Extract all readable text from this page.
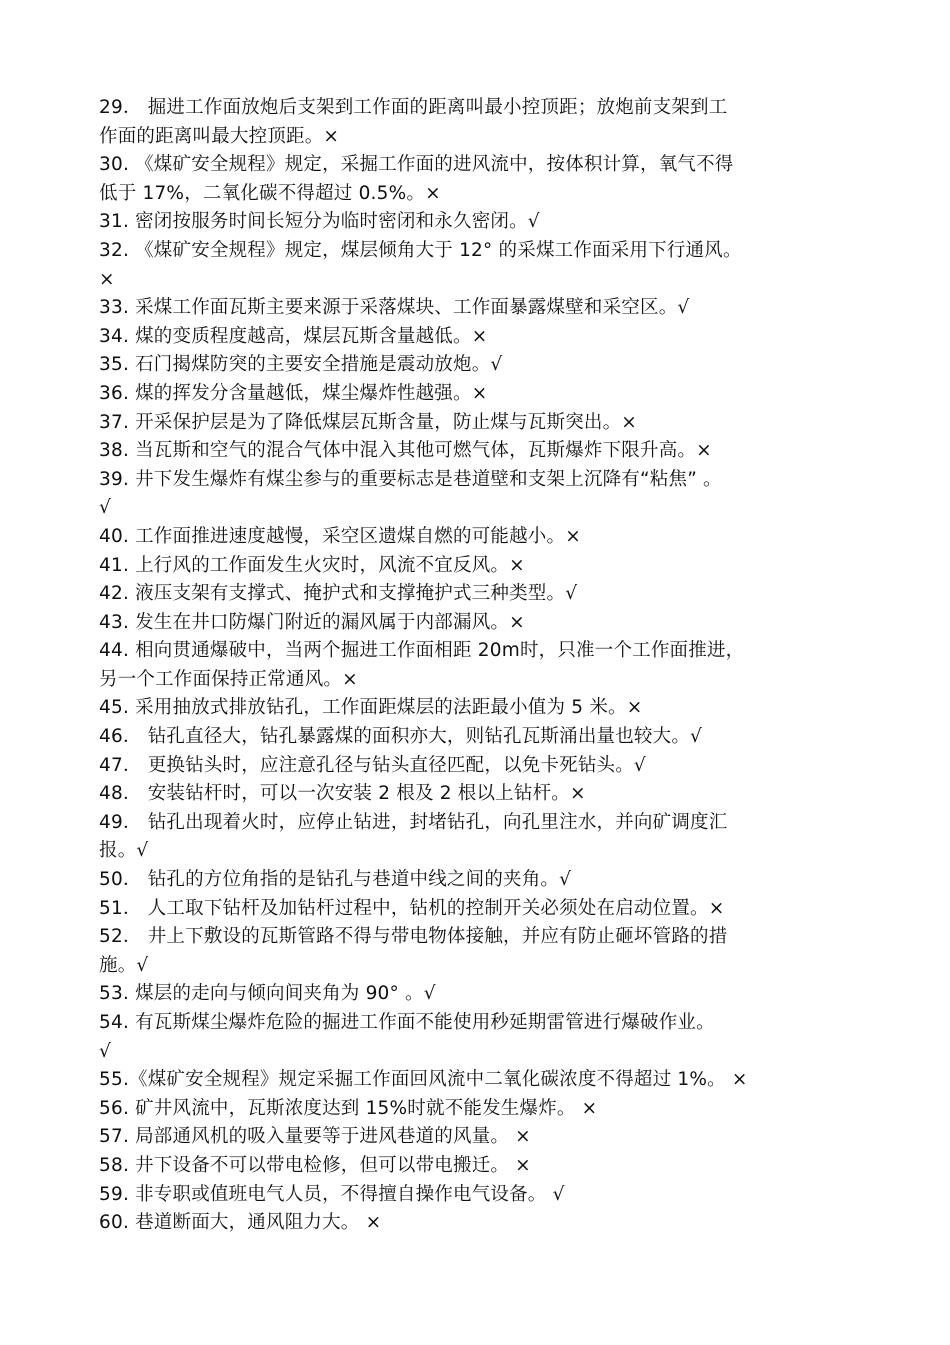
29． 掘进工作面放炮后支架到工作面的距离叫最小控顶距；放炮前支架到工
作面的距离叫最大控顶距。×
30. 《煤矿安全规程》规定，采掘工作面的进风流中，按体积计算，氧气不得
低于 17%，二氧化碳不得超过 0.5%。×
31. 密闭按服务时间长短分为临时密闭和永久密闭。√
32. 《煤矿安全规程》规定，煤层倾角大于 12° 的采煤工作面采用下行通风。
×
33. 采煤工作面瓦斯主要来源于采落煤块、工作面暴露煤壁和采空区。√
34. 煤的变质程度越高，煤层瓦斯含量越低。×
35. 石门揭煤防突的主要安全措施是震动放炮。√
36. 煤的挥发分含量越低，煤尘爆炸性越强。×
37. 开采保护层是为了降低煤层瓦斯含量，防止煤与瓦斯突出。×
38. 当瓦斯和空气的混合气体中混入其他可燃气体，瓦斯爆炸下限升高。×
39. 井下发生爆炸有煤尘参与的重要标志是巷道壁和支架上沉降有“粘焦” 。
√
40. 工作面推进速度越慢，采空区遗煤自燃的可能越小。×
41. 上行风的工作面发生火灾时，风流不宜反风。×
42. 液压支架有支撑式、掩护式和支撑掩护式三种类型。√
43. 发生在井口防爆门附近的漏风属于内部漏风。×
44. 相向贯通爆破中，当两个掘进工作面相距 20m时，只准一个工作面推进，
另一个工作面保持正常通风。×
45. 采用抽放式排放钻孔，工作面距煤层的法距最小值为 5 米。×
46． 钻孔直径大，钻孔暴露煤的面积亦大，则钻孔瓦斯涌出量也较大。√
47． 更换钻头时，应注意孔径与钻头直径匹配，以免卡死钻头。√
48． 安装钻杆时，可以一次安装 2 根及 2 根以上钻杆。×
49． 钻孔出现着火时，应停止钻进，封堵钻孔，向孔里注水，并向矿调度汇
报。√
50． 钻孔的方位角指的是钻孔与巷道中线之间的夹角。√
51． 人工取下钻杆及加钻杆过程中，钻机的控制开关必须处在启动位置。×
52． 井上下敷设的瓦斯管路不得与带电物体接触，并应有防止砸坏管路的措
施。√
53. 煤层的走向与倾向间夹角为 90° 。√
54. 有瓦斯煤尘爆炸危险的掘进工作面不能使用秒延期雷管进行爆破作业。
√
55.《煤矿安全规程》规定采掘工作面回风流中二氧化碳浓度不得超过 1%。 ×
56. 矿井风流中，瓦斯浓度达到 15%时就不能发生爆炸。 ×
57. 局部通风机的吸入量要等于进风巷道的风量。 ×
58. 井下设备不可以带电检修，但可以带电搬迁。 ×
59. 非专职或值班电气人员，不得擅自操作电气设备。 √
60. 巷道断面大，通风阻力大。 ×
